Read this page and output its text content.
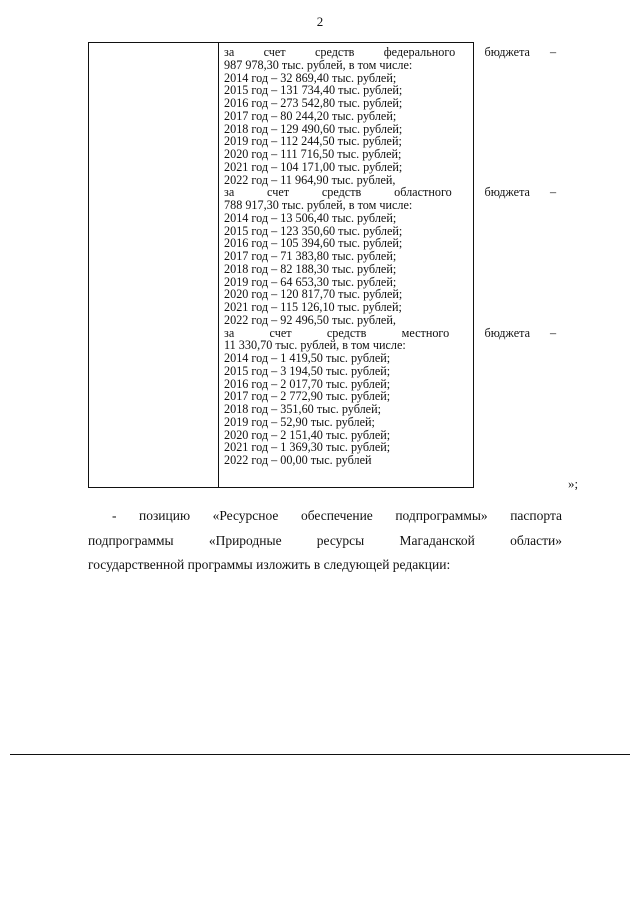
2
за счет средств федерального бюджета –
987 978,30 тыс. рублей, в том числе:
2014 год – 32 869,40 тыс. рублей;
2015 год – 131 734,40 тыс. рублей;
2016 год – 273 542,80 тыс. рублей;
2017 год – 80 244,20 тыс. рублей;
2018 год – 129 490,60 тыс. рублей;
2019 год – 112 244,50 тыс. рублей;
2020 год – 111 716,50 тыс. рублей;
2021 год – 104 171,00 тыс. рублей;
2022 год – 11 964,90 тыс. рублей,
за	счет	средств	областного	бюджета –
788 917,30 тыс. рублей, в том числе:
2014 год – 13 506,40 тыс. рублей;
2015 год – 123 350,60 тыс. рублей;
2016 год – 105 394,60 тыс. рублей;
2017 год – 71 383,80 тыс. рублей;
2018 год – 82 188,30 тыс. рублей;
2019 год – 64 653,30 тыс. рублей;
2020 год – 120 817,70 тыс. рублей;
2021 год – 115 126,10 тыс. рублей;
2022 год – 92 496,50 тыс. рублей,
за	счет	средств	местного	бюджета –
11 330,70 тыс. рублей, в том числе:
2014 год – 1 419,50 тыс. рублей;
2015 год – 3 194,50 тыс. рублей;
2016 год – 2 017,70 тыс. рублей;
2017 год – 2 772,90 тыс. рублей;
2018 год – 351,60 тыс. рублей;
2019 год – 52,90 тыс. рублей;
2020 год – 2 151,40 тыс. рублей;
2021 год – 1 369,30 тыс. рублей;
2022 год – 00,00 тыс. рублей
»;
- позицию «Ресурсное обеспечение подпрограммы» паспорта
подпрограммы	«Природные	ресурсы	Магаданской	области»
государственной программы изложить в следующей редакции:
